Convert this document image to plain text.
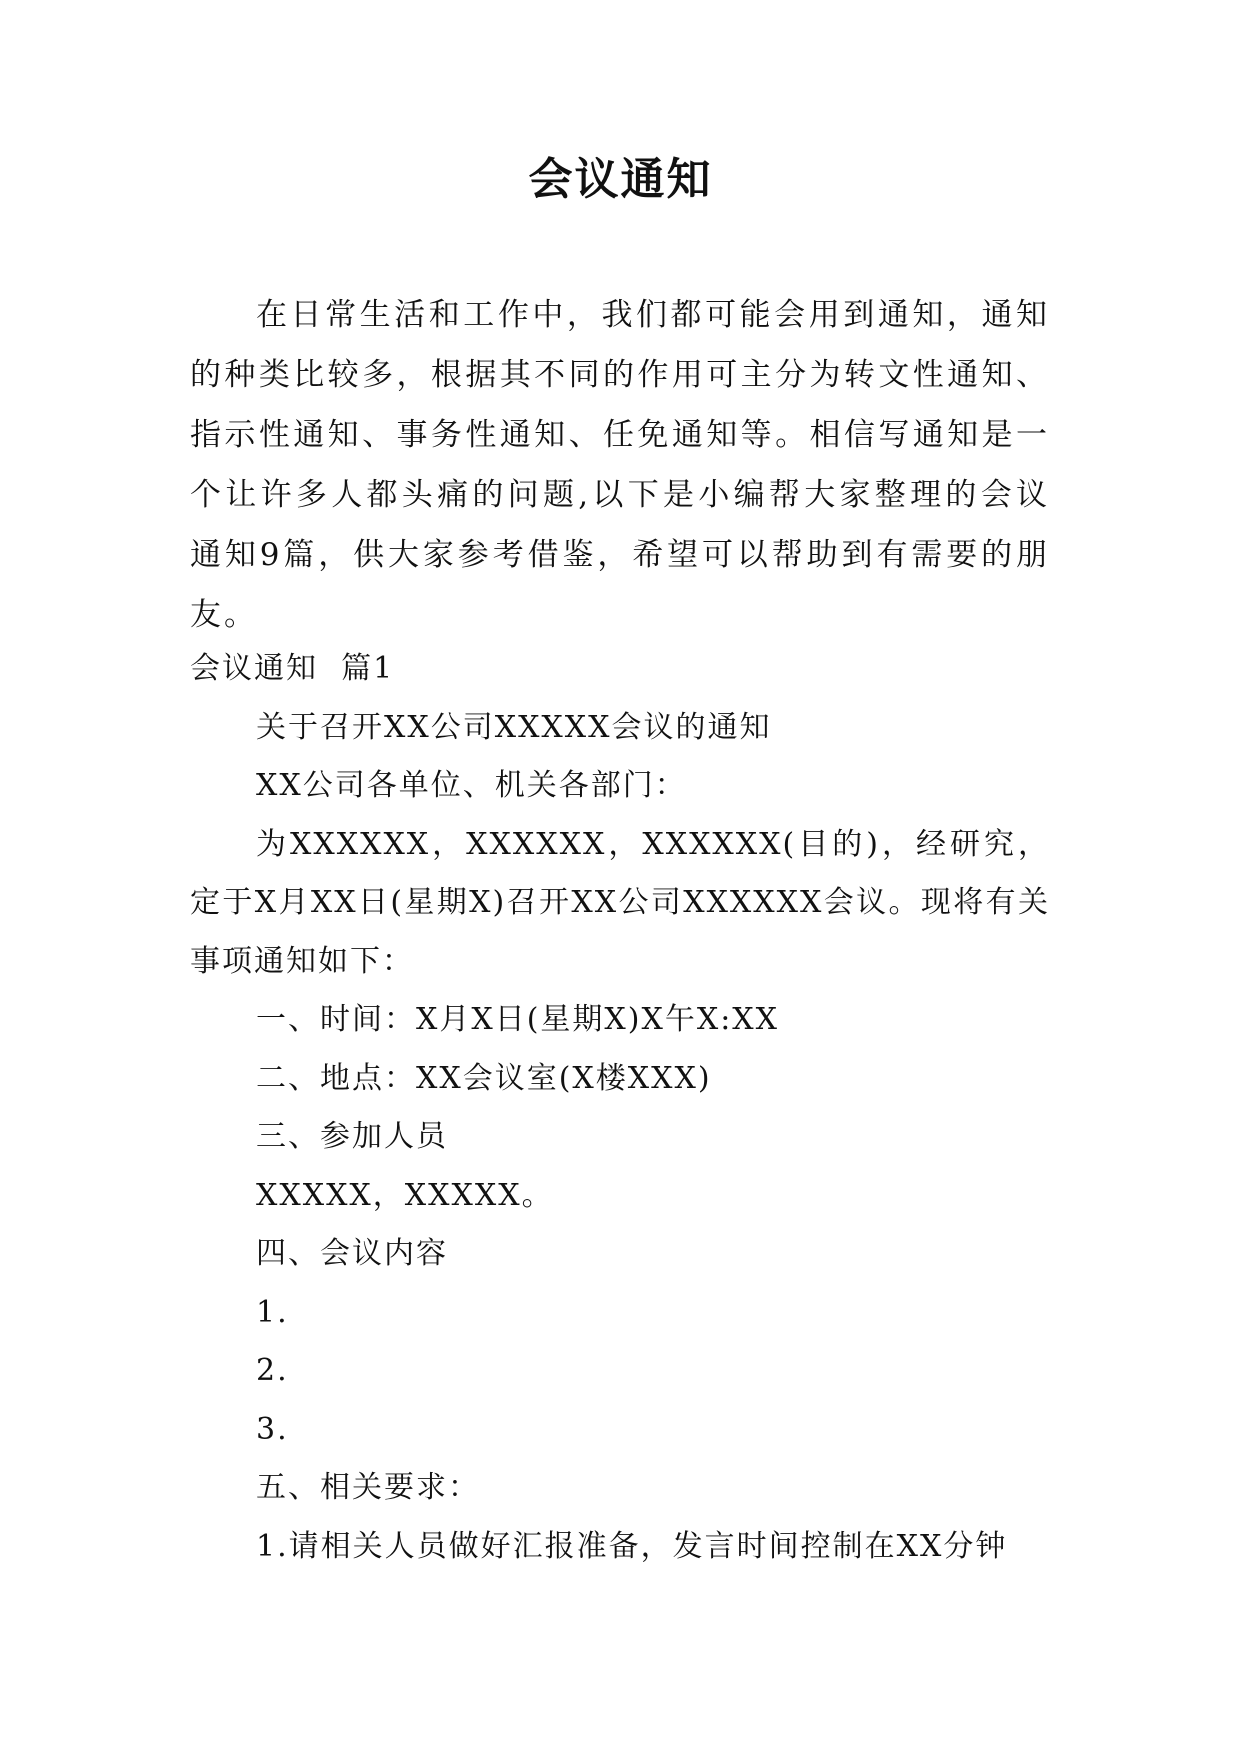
会议通知

在日常生活和工作中，我们都可能会用到通知，通知的种类比较多，根据其不同的作用可主分为转文性通知、指示性通知、事务性通知、任免通知等。相信写通知是一个让许多人都头痛的问题,以下是小编帮大家整理的会议通知9篇，供大家参考借鉴，希望可以帮助到有需要的朋友。

会议通知  篇1

关于召开XX公司XXXXX会议的通知

XX公司各单位、机关各部门：

为XXXXXX，XXXXXX，XXXXXX(目的)，经研究，定于X月XX日(星期X)召开XX公司XXXXXX会议。现将有关事项通知如下：

一、时间：X月X日(星期X)X午X:XX

二、地点：XX会议室(X楼XXX)

三、参加人员

XXXXX，XXXXX。

四、会议内容

1.

2.

3.

五、相关要求：

1.请相关人员做好汇报准备，发言时间控制在XX分钟
